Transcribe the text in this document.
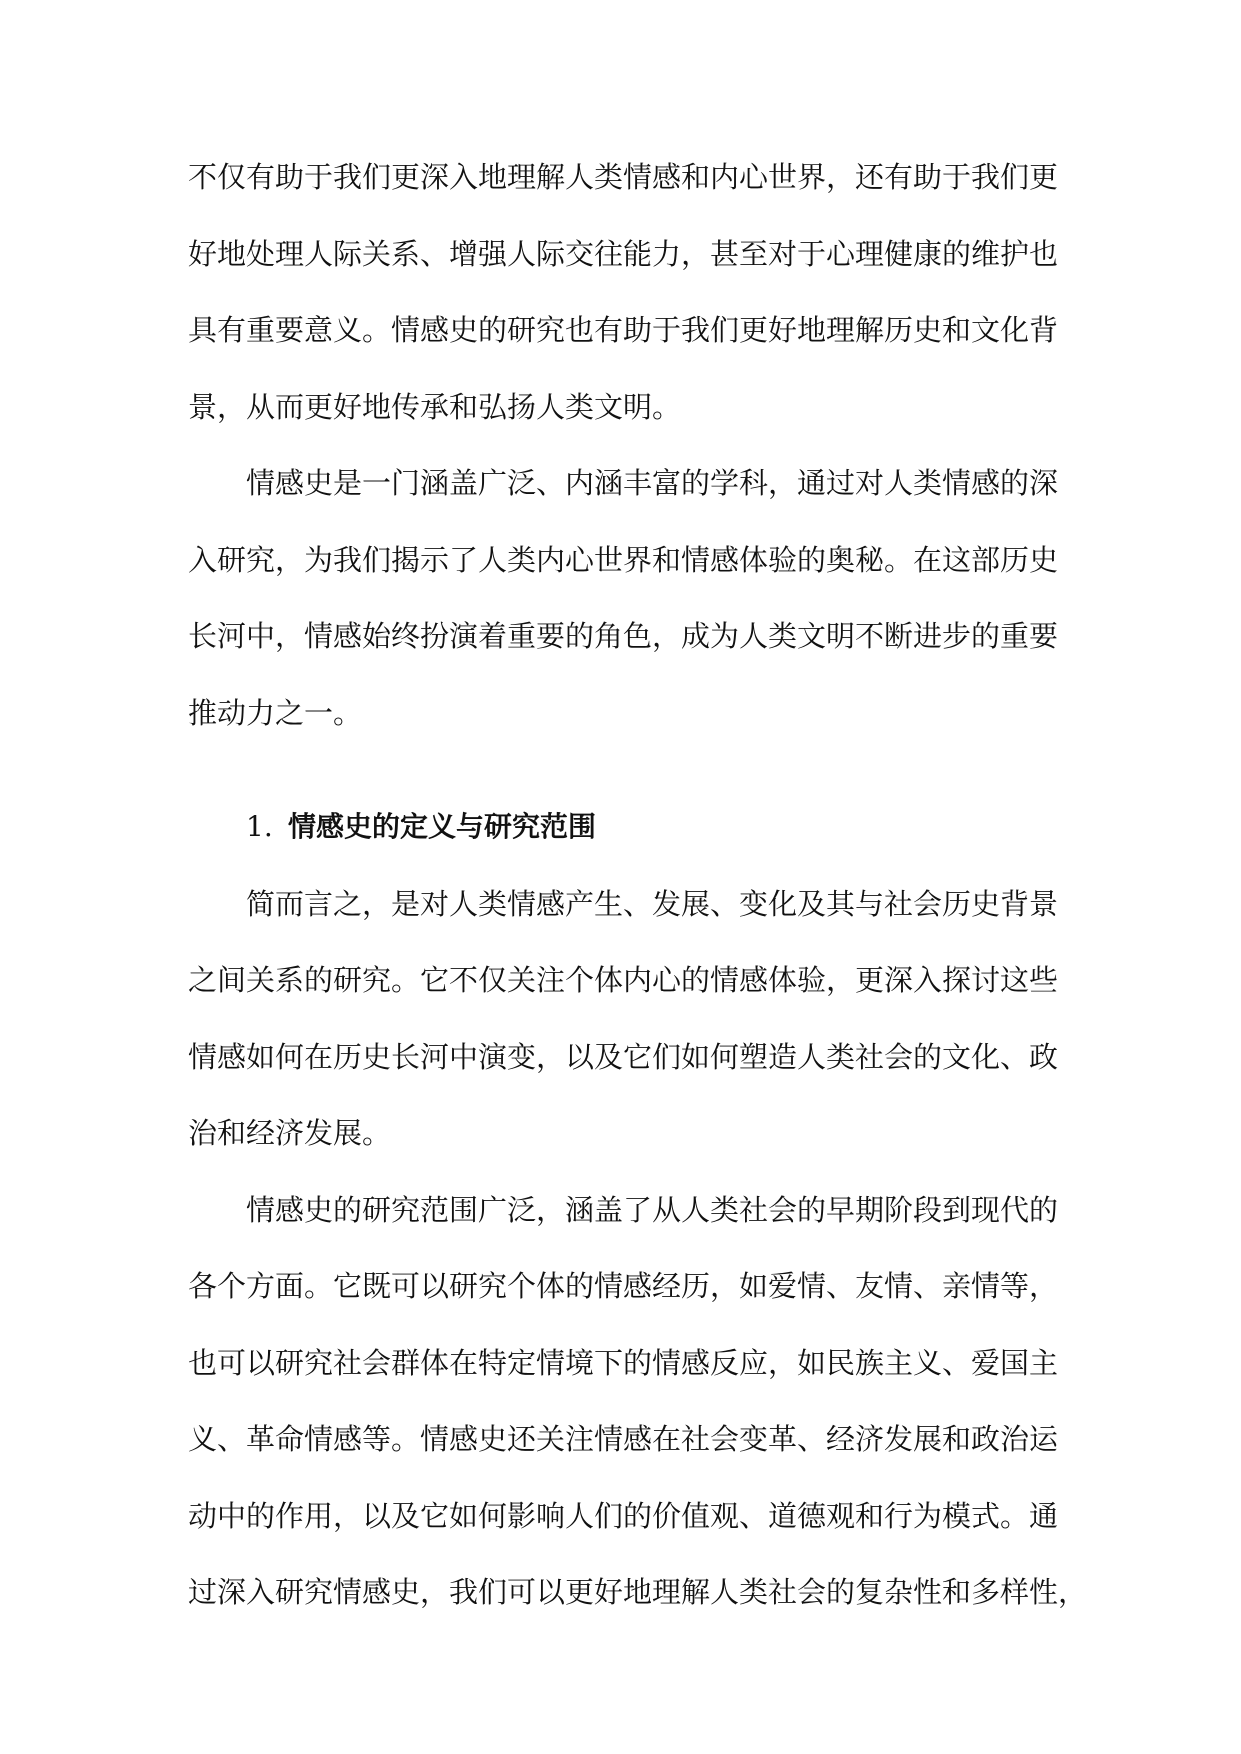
不仅有助于我们更深入地理解人类情感和内心世界，还有助于我们更
好地处理人际关系、增强人际交往能力，甚至对于心理健康的维护也
具有重要意义。情感史的研究也有助于我们更好地理解历史和文化背
景，从而更好地传承和弘扬人类文明。
情感史是一门涵盖广泛、内涵丰富的学科，通过对人类情感的深
入研究，为我们揭示了人类内心世界和情感体验的奥秘。在这部历史
长河中，情感始终扮演着重要的角色，成为人类文明不断进步的重要
推动力之一。
1. 情感史的定义与研究范围
简而言之，是对人类情感产生、发展、变化及其与社会历史背景
之间关系的研究。它不仅关注个体内心的情感体验，更深入探讨这些
情感如何在历史长河中演变，以及它们如何塑造人类社会的文化、政
治和经济发展。
情感史的研究范围广泛，涵盖了从人类社会的早期阶段到现代的
各个方面。它既可以研究个体的情感经历，如爱情、友情、亲情等，
也可以研究社会群体在特定情境下的情感反应，如民族主义、爱国主
义、革命情感等。情感史还关注情感在社会变革、经济发展和政治运
动中的作用，以及它如何影响人们的价值观、道德观和行为模式。通
过深入研究情感史，我们可以更好地理解人类社会的复杂性和多样性，
